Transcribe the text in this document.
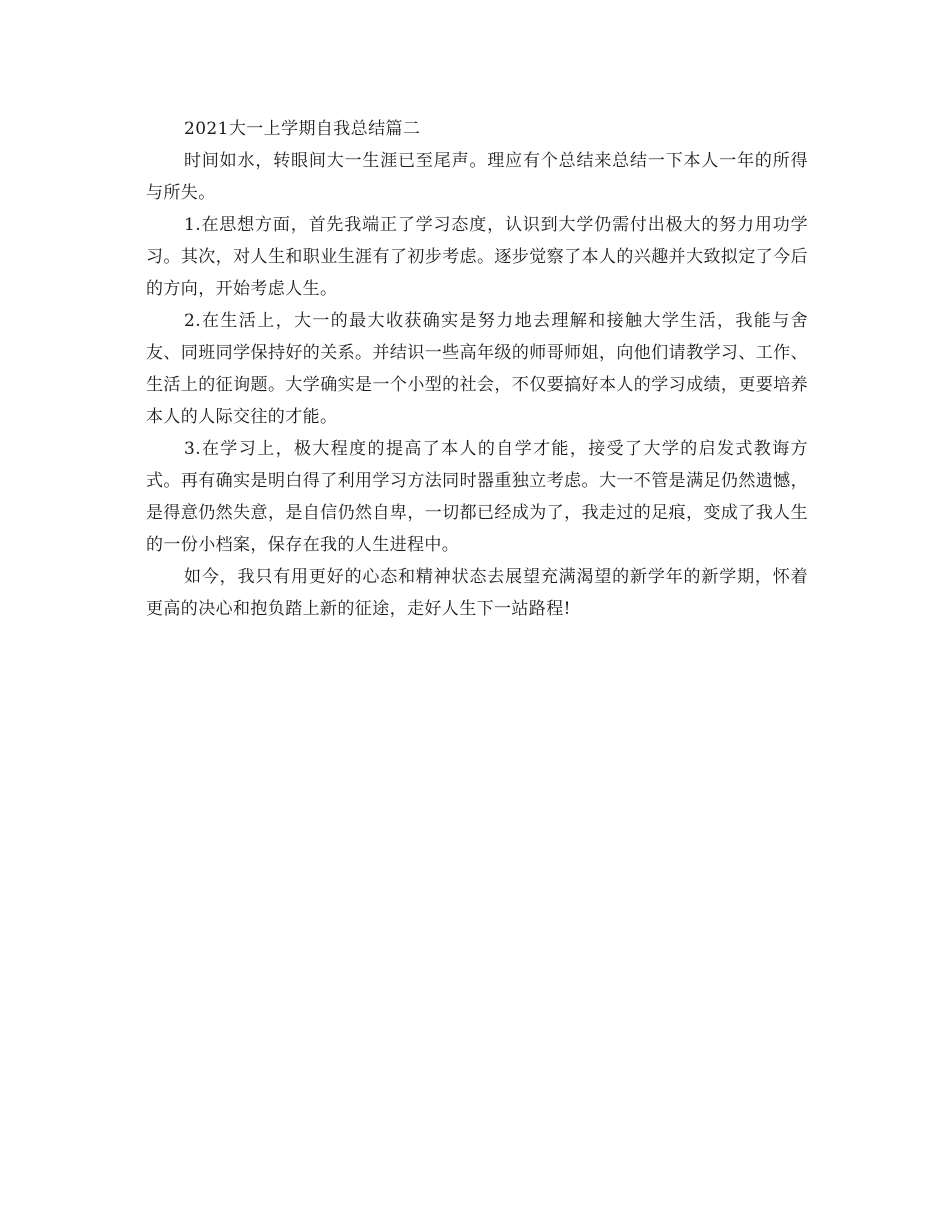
2021大一上学期自我总结篇二

时间如水，转眼间大一生涯已至尾声。理应有个总结来总结一下本人一年的所得与所失。

1.在思想方面，首先我端正了学习态度，认识到大学仍需付出极大的努力用功学习。其次，对人生和职业生涯有了初步考虑。逐步觉察了本人的兴趣并大致拟定了今后的方向，开始考虑人生。

2.在生活上，大一的最大收获确实是努力地去理解和接触大学生活，我能与舍友、同班同学保持好的关系。并结识一些高年级的师哥师姐，向他们请教学习、工作、生活上的征询题。大学确实是一个小型的社会，不仅要搞好本人的学习成绩，更要培养本人的人际交往的才能。

3.在学习上，极大程度的提高了本人的自学才能，接受了大学的启发式教诲方式。再有确实是明白得了利用学习方法同时器重独立考虑。大一不管是满足仍然遗憾，是得意仍然失意，是自信仍然自卑，一切都已经成为了，我走过的足痕，变成了我人生的一份小档案，保存在我的人生进程中。

如今，我只有用更好的心态和精神状态去展望充满渴望的新学年的新学期，怀着更高的决心和抱负踏上新的征途，走好人生下一站路程!
